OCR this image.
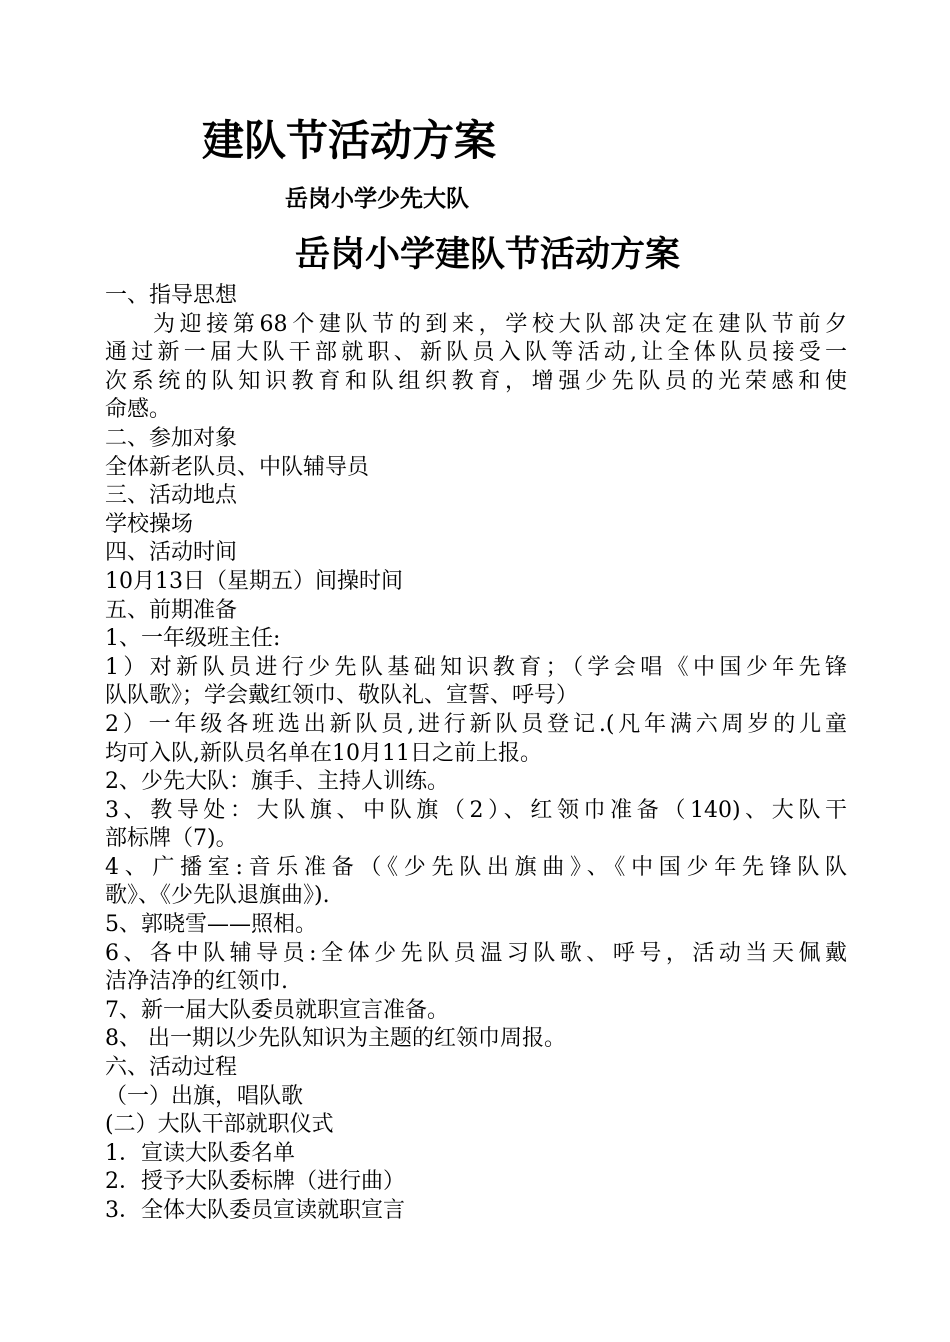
建队节活动方案
岳岗小学少先大队
岳岗小学建队节活动方案
一、指导思想
为迎接第68个建队节的到来，学校大队部决定在建队节前夕
通过新一届大队干部就职、新队员入队等活动,让全体队员接受一
次系统的队知识教育和队组织教育，增强少先队员的光荣感和使
命感。
二、参加对象
全体新老队员、中队辅导员
三、活动地点
学校操场
四、活动时间
10月13日（星期五）间操时间
五、前期准备
1、一年级班主任:
1）对新队员进行少先队基础知识教育；（学会唱《中国少年先锋
队队歌》；学会戴红领巾、敬队礼、宣誓、呼号）
2）一年级各班选出新队员,进行新队员登记.(凡年满六周岁的儿童
均可入队,新队员名单在10月11日之前上报。
2、少先大队：旗手、主持人训练。
3、教导处：大队旗、中队旗（2）、红领巾准备（140)、大队干
部标牌（7)。
4、广播室:音乐准备（《少先队出旗曲》、《中国少年先锋队队
歌》、《少先队退旗曲》).
5、郭晓雪——照相。
6、各中队辅导员:全体少先队员温习队歌、呼号，活动当天佩戴
洁净洁净的红领巾.
7、新一届大队委员就职宣言准备。
8、 出一期以少先队知识为主题的红领巾周报。
六、活动过程
（一）出旗，唱队歌
(二）大队干部就职仪式
1．宣读大队委名单
2．授予大队委标牌（进行曲）
3．全体大队委员宣读就职宣言
